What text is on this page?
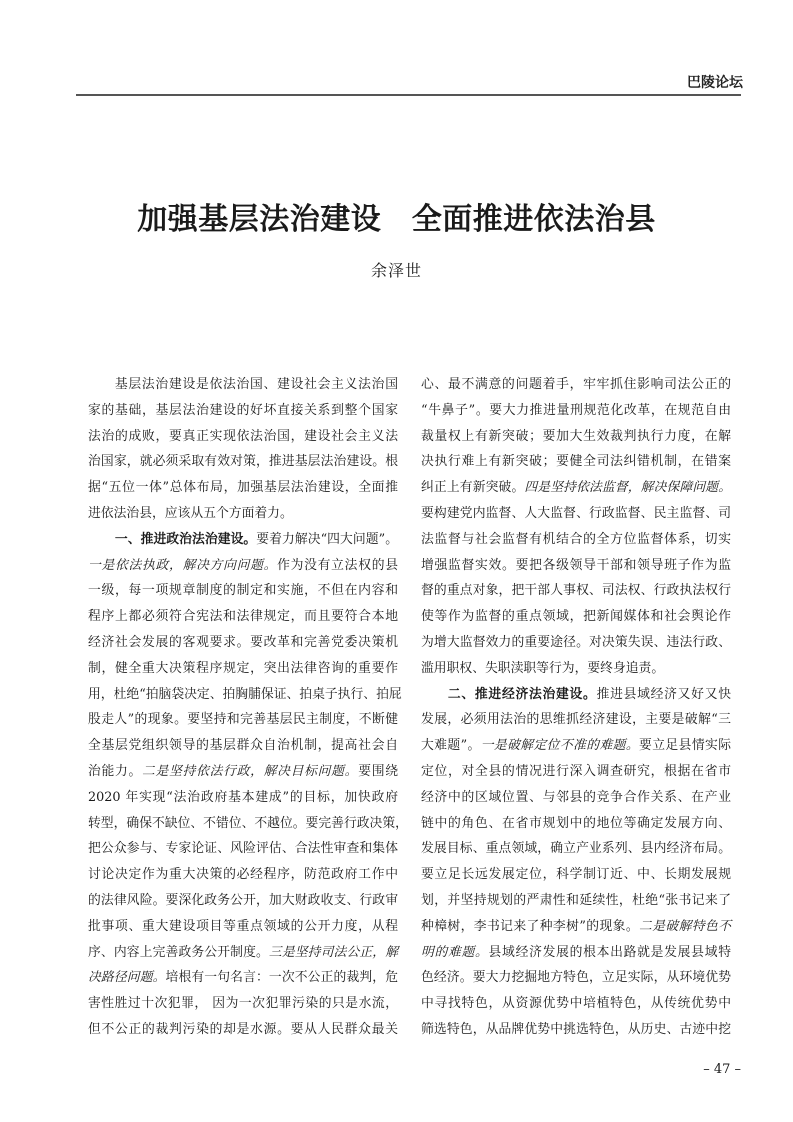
巴陵论坛
加强基层法治建设　全面推进依法治县
余泽世
基层法治建设是依法治国、建设社会主义法治国
家的基础，基层法治建设的好坏直接关系到整个国家
法治的成败，要真正实现依法治国，建设社会主义法
治国家，就必须采取有效对策，推进基层法治建设。根
据“五位一体”总体布局，加强基层法治建设，全面推
进依法治县，应该从五个方面着力。
一、推进政治法治建设。要着力解决“四大问题”。
一是依法执政，解决方向问题。作为没有立法权的县
一级，每一项规章制度的制定和实施，不但在内容和
程序上都必须符合宪法和法律规定，而且要符合本地
经济社会发展的客观要求。要改革和完善党委决策机
制，健全重大决策程序规定，突出法律咨询的重要作
用，杜绝“拍脑袋决定、拍胸脯保证、拍桌子执行、拍屁
股走人”的现象。要坚持和完善基层民主制度，不断健
全基层党组织领导的基层群众自治机制，提高社会自
治能力。二是坚持依法行政，解决目标问题。要围绕
2020 年实现“法治政府基本建成”的目标，加快政府
转型，确保不缺位、不错位、不越位。要完善行政决策，
把公众参与、专家论证、风险评估、合法性审查和集体
讨论决定作为重大决策的必经程序，防范政府工作中
的法律风险。要深化政务公开，加大财政收支、行政审
批事项、重大建设项目等重点领域的公开力度，从程
序、内容上完善政务公开制度。三是坚持司法公正，解
决路径问题。培根有一句名言：一次不公正的裁判，危
害性胜过十次犯罪， 因为一次犯罪污染的只是水流，
但不公正的裁判污染的却是水源。要从人民群众最关
心、最不满意的问题着手，牢牢抓住影响司法公正的
“牛鼻子”。要大力推进量刑规范化改革，在规范自由
裁量权上有新突破；要加大生效裁判执行力度，在解
决执行难上有新突破；要健全司法纠错机制，在错案
纠正上有新突破。四是坚持依法监督，解决保障问题。
要构建党内监督、人大监督、行政监督、民主监督、司
法监督与社会监督有机结合的全方位监督体系，切实
增强监督实效。要把各级领导干部和领导班子作为监
督的重点对象，把干部人事权、司法权、行政执法权行
使等作为监督的重点领域，把新闻媒体和社会舆论作
为增大监督效力的重要途径。对决策失误、违法行政、
滥用职权、失职渎职等行为，要终身追责。
二、推进经济法治建设。推进县域经济又好又快
发展，必须用法治的思维抓经济建设，主要是破解“三
大难题”。一是破解定位不准的难题。要立足县情实际
定位，对全县的情况进行深入调查研究，根据在省市
经济中的区域位置、与邻县的竞争合作关系、在产业
链中的角色、在省市规划中的地位等确定发展方向、
发展目标、重点领域，确立产业系列、县内经济布局。
要立足长远发展定位，科学制订近、中、长期发展规
划，并坚持规划的严肃性和延续性，杜绝“张书记来了
种樟树，李书记来了种李树”的现象。二是破解特色不
明的难题。县域经济发展的根本出路就是发展县域特
色经济。要大力挖掘地方特色，立足实际，从环境优势
中寻找特色，从资源优势中培植特色，从传统优势中
筛选特色，从品牌优势中挑选特色，从历史、古迹中挖
– 47 –
